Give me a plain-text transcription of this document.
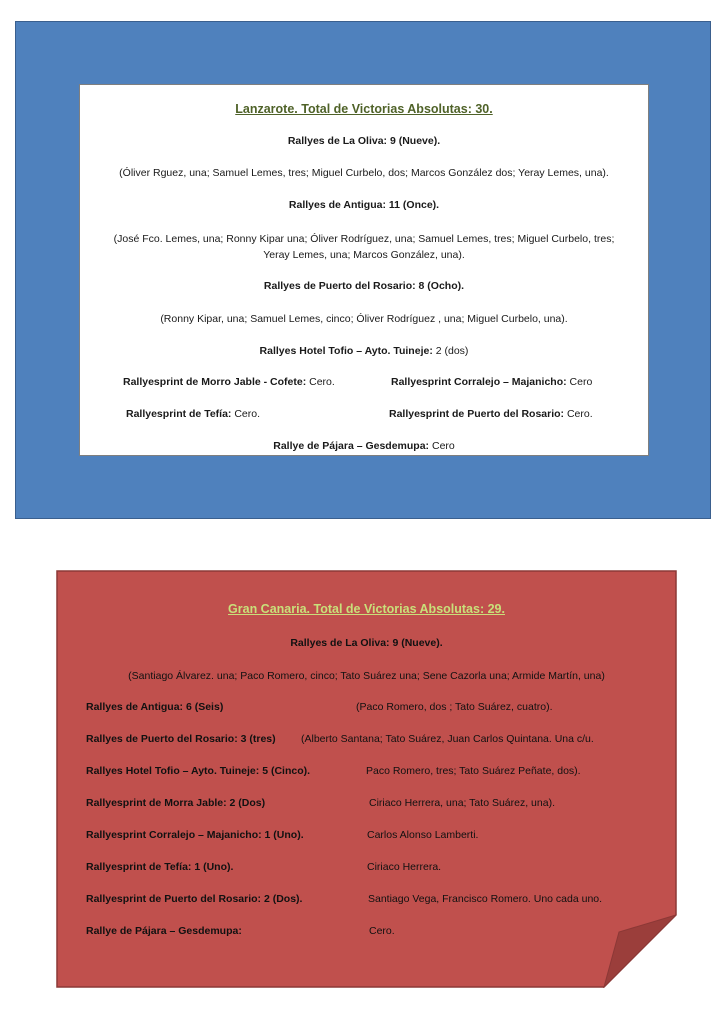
Lanzarote. Total de Victorias Absolutas: 30.
Rallyes de La Oliva: 9 (Nueve).
(Óliver Rguez, una; Samuel Lemes, tres; Miguel Curbelo, dos; Marcos González dos; Yeray Lemes, una).
Rallyes de Antigua: 11 (Once).
(José Fco. Lemes, una; Ronny Kipar una; Óliver Rodríguez, una; Samuel Lemes, tres; Miguel Curbelo, tres;
Yeray Lemes, una; Marcos González, una).
Rallyes de Puerto del Rosario: 8 (Ocho).
(Ronny Kipar, una; Samuel Lemes, cinco; Óliver Rodríguez , una; Miguel Curbelo, una).
Rallyes Hotel Tofio – Ayto. Tuineje: 2 (dos)
Rallyesprint de Morro Jable - Cofete: Cero.	Rallyesprint Corralejo – Majanicho: Cero
Rallyesprint de Tefía: Cero.	Rallyesprint de Puerto del Rosario: Cero.
Rallye de Pájara – Gesdemupa: Cero
Gran Canaria. Total de Victorias Absolutas: 29.
Rallyes de La Oliva: 9 (Nueve).
(Santiago Álvarez. una; Paco Romero, cinco; Tato Suárez una; Sene Cazorla una; Armide Martín, una)
Rallyes de Antigua: 6 (Seis)	(Paco Romero, dos ; Tato Suárez, cuatro).
Rallyes de Puerto del Rosario: 3 (tres) (Alberto Santana; Tato Suárez, Juan Carlos Quintana. Una c/u.
Rallyes Hotel Tofio – Ayto. Tuineje: 5 (Cinco).	Paco Romero, tres; Tato Suárez Peñate, dos).
Rallyesprint de Morra Jable: 2 (Dos)	Ciriaco Herrera, una; Tato Suárez, una).
Rallyesprint Corralejo – Majanicho: 1 (Uno).	Carlos Alonso Lamberti.
Rallyesprint de Tefía: 1 (Uno).	Ciriaco Herrera.
Rallyesprint de Puerto del Rosario: 2 (Dos).	Santiago Vega, Francisco Romero. Uno cada uno.
Rallye de Pájara – Gesdemupa:	Cero.
